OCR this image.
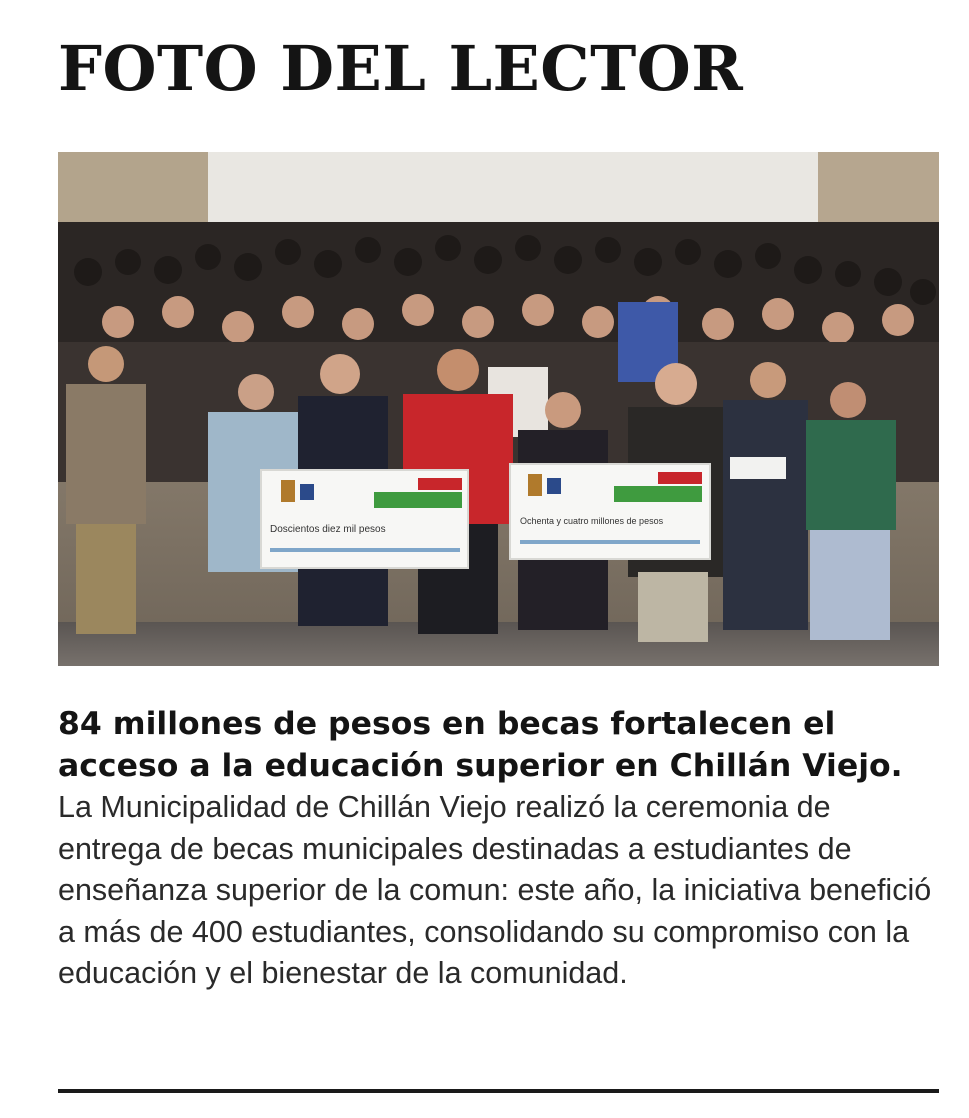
FOTO DEL LECTOR
Doscientos diez mil pesos
Ochenta y cuatro millones de pesos

84 millones de pesos en becas fortalecen el acceso a la educación superior en Chillán Viejo. La Municipalidad de Chillán Viejo realizó la ceremonia de entrega de becas municipales destinadas a estudiantes de enseñanza superior de la comun: este año, la iniciativa benefició a más de 400 estudiantes, consolidando su compromiso con la educación y el bienestar de la comunidad.
